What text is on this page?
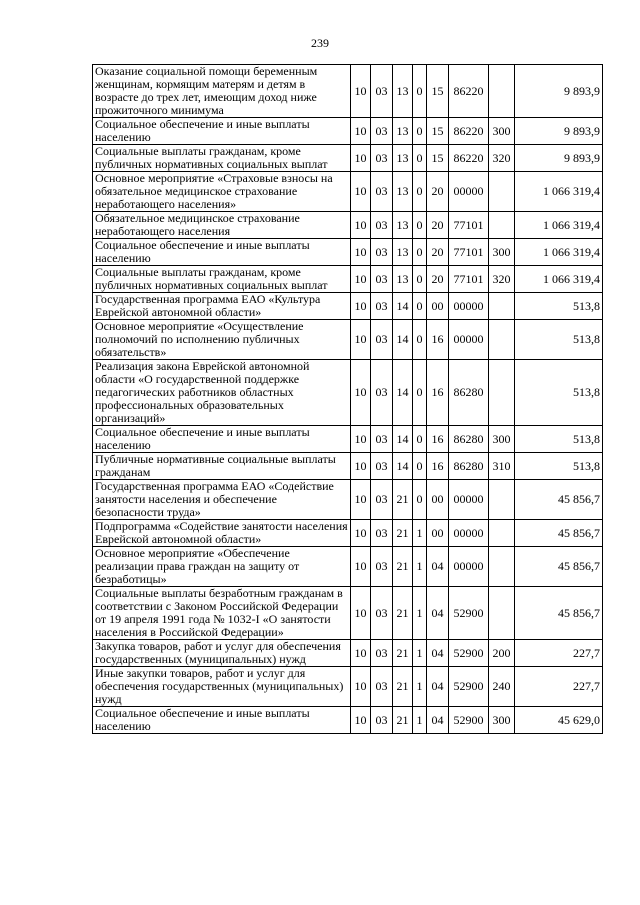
239
Оказание социальной помощи беременным женщинам, кормящим матерям и детям в возрасте до трех лет, имеющим доход ниже прожиточного минимума	10	03	13	0	15	86220		9 893,9
Социальное обеспечение и иные выплаты населению	10	03	13	0	15	86220	300	9 893,9
Социальные выплаты гражданам, кроме публичных нормативных социальных выплат	10	03	13	0	15	86220	320	9 893,9
Основное мероприятие «Страховые взносы на обязательное медицинское страхование неработающего населения»	10	03	13	0	20	00000		1 066 319,4
Обязательное медицинское страхование неработающего населения	10	03	13	0	20	77101		1 066 319,4
Социальное обеспечение и иные выплаты населению	10	03	13	0	20	77101	300	1 066 319,4
Социальные выплаты гражданам, кроме публичных нормативных социальных выплат	10	03	13	0	20	77101	320	1 066 319,4
Государственная программа ЕАО «Культура Еврейской автономной области»	10	03	14	0	00	00000		513,8
Основное мероприятие «Осуществление полномочий по исполнению публичных обязательств»	10	03	14	0	16	00000		513,8
Реализация закона Еврейской автономной области «О государственной поддержке педагогических работников областных профессиональных образовательных организаций»	10	03	14	0	16	86280		513,8
Социальное обеспечение и иные выплаты населению	10	03	14	0	16	86280	300	513,8
Публичные нормативные социальные выплаты гражданам	10	03	14	0	16	86280	310	513,8
Государственная программа ЕАО «Содействие занятости населения и обеспечение безопасности труда»	10	03	21	0	00	00000		45 856,7
Подпрограмма «Содействие занятости населения Еврейской автономной области»	10	03	21	1	00	00000		45 856,7
Основное мероприятие «Обеспечение реализации права граждан на защиту от безработицы»	10	03	21	1	04	00000		45 856,7
Социальные выплаты безработным гражданам в соответствии с Законом Российской Федерации от 19 апреля 1991 года № 1032-I «О занятости населения в Российской Федерации»	10	03	21	1	04	52900		45 856,7
Закупка товаров, работ и услуг для обеспечения государственных (муниципальных) нужд	10	03	21	1	04	52900	200	227,7
Иные закупки товаров, работ и услуг для обеспечения государственных (муниципальных) нужд	10	03	21	1	04	52900	240	227,7
Социальное обеспечение и иные выплаты населению	10	03	21	1	04	52900	300	45 629,0
